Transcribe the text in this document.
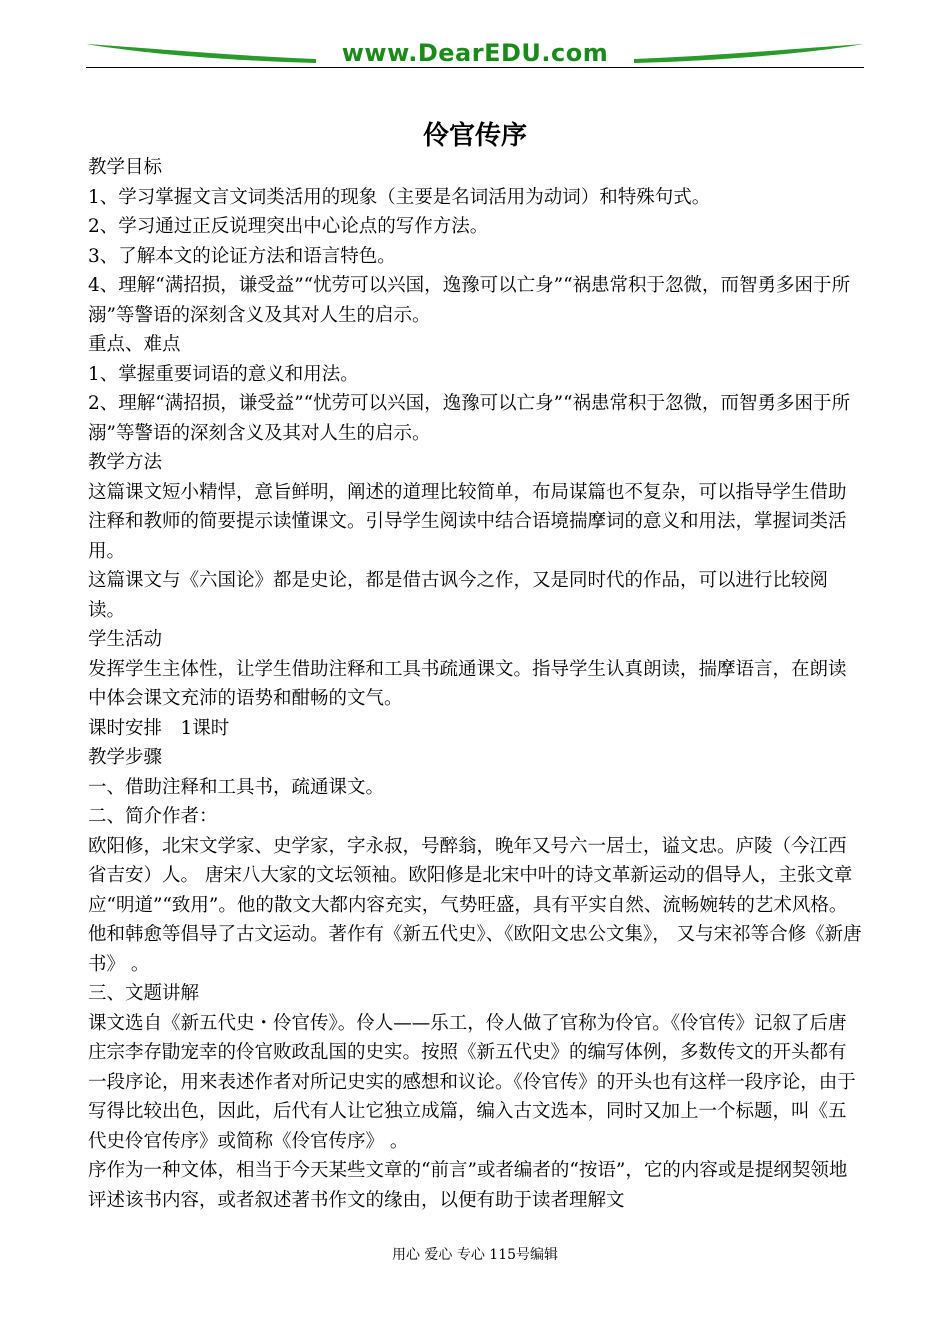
www.DearEDU.com
伶官传序

教学目标

1、学习掌握文言文词类活用的现象（主要是名词活用为动词）和特殊句式。

2、学习通过正反说理突出中心论点的写作方法。

3、了解本文的论证方法和语言特色。

4、理解“满招损，谦受益”“忧劳可以兴国，逸豫可以亡身”“祸患常积于忽微，而智勇多困于所溺”等警语的深刻含义及其对人生的启示。

重点、难点

1、掌握重要词语的意义和用法。

2、理解“满招损，谦受益”“忧劳可以兴国，逸豫可以亡身”“祸患常积于忽微，而智勇多困于所溺”等警语的深刻含义及其对人生的启示。

教学方法

这篇课文短小精悍，意旨鲜明，阐述的道理比较简单，布局谋篇也不复杂，可以指导学生借助注释和教师的简要提示读懂课文。引导学生阅读中结合语境揣摩词的意义和用法，掌握词类活用。

这篇课文与《六国论》都是史论，都是借古讽今之作，又是同时代的作品，可以进行比较阅读。

学生活动

发挥学生主体性，让学生借助注释和工具书疏通课文。指导学生认真朗读，揣摩语言，在朗读中体会课文充沛的语势和酣畅的文气。

课时安排　1课时

教学步骤

一、借助注释和工具书，疏通课文。

二、简介作者：

欧阳修，北宋文学家、史学家，字永叔，号醉翁，晚年又号六一居士，谥文忠。庐陵（今江西省吉安）人。 唐宋八大家的文坛领袖。欧阳修是北宋中叶的诗文革新运动的倡导人，主张文章应“明道”“致用”。他的散文大都内容充实，气势旺盛，具有平实自然、流畅婉转的艺术风格。他和韩愈等倡导了古文运动。著作有《新五代史》、《欧阳文忠公文集》， 又与宋祁等合修《新唐书》 。

三、文题讲解

课文选自《新五代史・伶官传》。伶人——乐工，伶人做了官称为伶官。《伶官传》记叙了后唐庄宗李存勖宠幸的伶官败政乱国的史实。按照《新五代史》的编写体例，多数传文的开头都有一段序论，用来表述作者对所记史实的感想和议论。《伶官传》的开头也有这样一段序论，由于写得比较出色，因此，后代有人让它独立成篇，编入古文选本，同时又加上一个标题，叫《五代史伶官传序》或简称《伶官传序》 。

序作为一种文体，相当于今天某些文章的“前言”或者编者的“按语”，它的内容或是提纲契领地评述该书内容，或者叙述著书作文的缘由，以便有助于读者理解文

用心 爱心 专心 115号编辑
